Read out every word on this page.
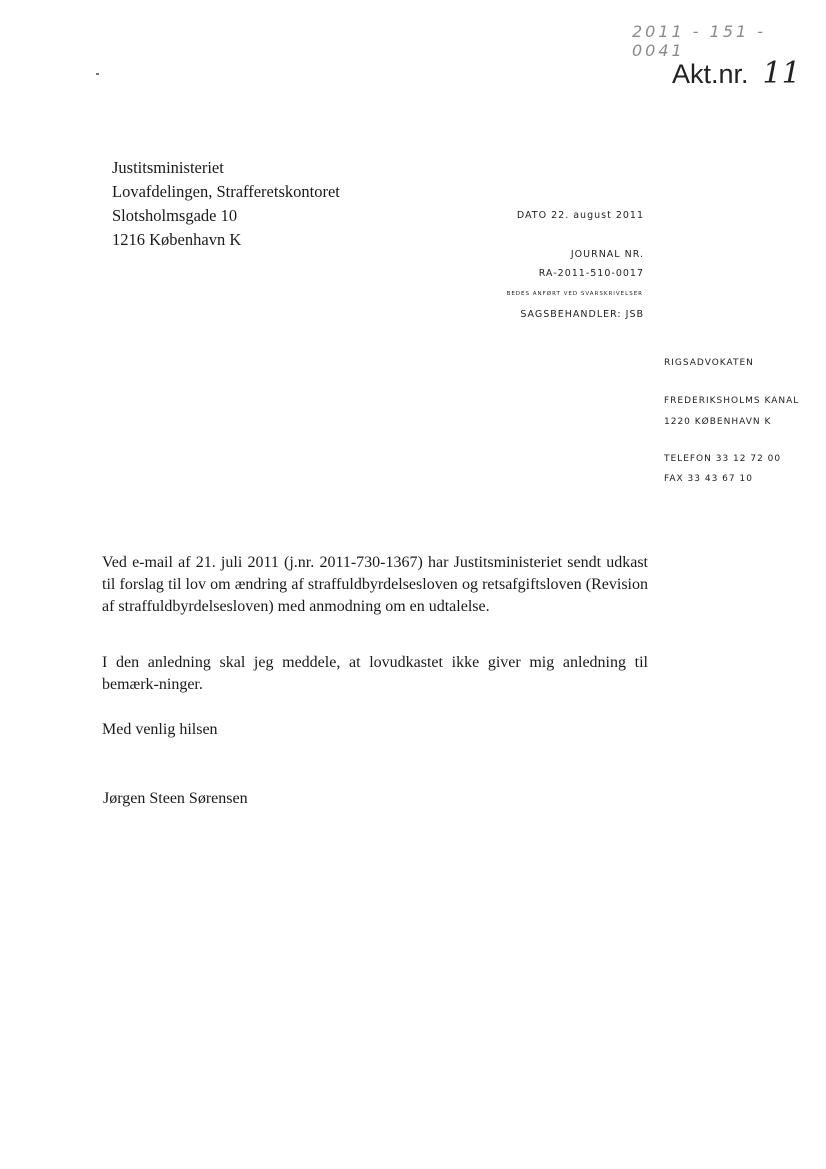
2011 - 151 - 0041
Akt.nr. 11
Justitsministeriet
Lovafdelingen, Strafferetskontoret
Slotsholmsgade 10
1216 København K
DATO 22. august 2011
JOURNAL NR.
RA-2011-510-0017
BEDES ANFØRT VED SVARSKRIVELSER
SAGSBEHANDLER: JSB
RIGSADVOKATEN
FREDERIKSHOLMS KANAL
1220 KØBENHAVN K
TELEFON 33 12 72 00
FAX 33 43 67 10
Ved e-mail af 21. juli 2011 (j.nr. 2011-730-1367) har Justitsministeriet sendt udkast til forslag til lov om ændring af straffuldbyrdelsesloven og retsafgiftsloven (Revision af straffuldbyrdelsesloven) med anmodning om en udtalelse.
I den anledning skal jeg meddele, at lovudkastet ikke giver mig anledning til bemærk-ninger.
Med venlig hilsen
Jørgen Steen Sørensen
